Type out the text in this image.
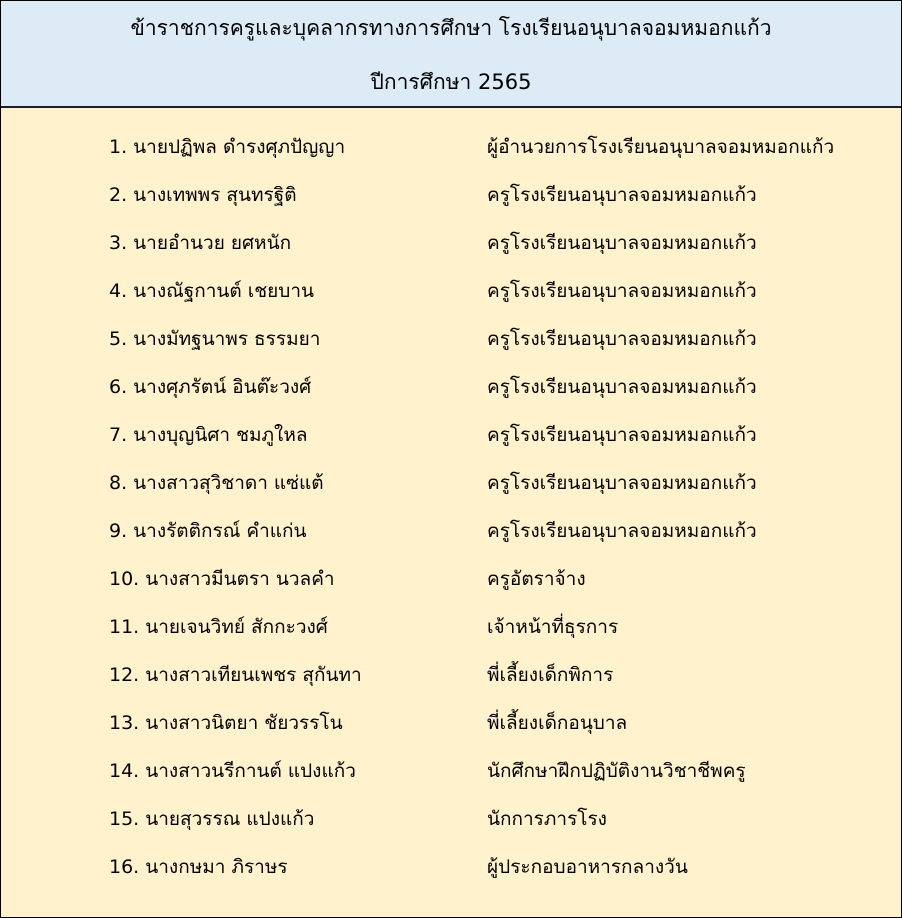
ข้าราชการครูและบุคลากรทางการศึกษา โรงเรียนอนุบาลจอมหมอกแก้ว
ปีการศึกษา 2565
1. นายปฏิพล ดำรงศุภปัญญา	ผู้อำนวยการโรงเรียนอนุบาลจอมหมอกแก้ว
2. นางเทพพร สุนทรฐิติ	ครูโรงเรียนอนุบาลจอมหมอกแก้ว
3. นายอำนวย ยศหนัก	ครูโรงเรียนอนุบาลจอมหมอกแก้ว
4. นางณัฐกานต์ เชยบาน	ครูโรงเรียนอนุบาลจอมหมอกแก้ว
5. นางมัทฐนาพร ธรรมยา	ครูโรงเรียนอนุบาลจอมหมอกแก้ว
6. นางศุภรัตน์ อินต๊ะวงศ์	ครูโรงเรียนอนุบาลจอมหมอกแก้ว
7. นางบุญนิศา ชมภูใหล	ครูโรงเรียนอนุบาลจอมหมอกแก้ว
8. นางสาวสุวิชาดา แซ่แต้	ครูโรงเรียนอนุบาลจอมหมอกแก้ว
9. นางรัตติกรณ์ คำแก่น	ครูโรงเรียนอนุบาลจอมหมอกแก้ว
10. นางสาวมีนตรา นวลคำ	ครูอัตราจ้าง
11. นายเจนวิทย์ สักกะวงศ์	เจ้าหน้าที่ธุรการ
12. นางสาวเทียนเพชร สุกันทา	พี่เลี้ยงเด็กพิการ
13. นางสาวนิตยา ชัยวรรโน	พี่เลี้ยงเด็กอนุบาล
14. นางสาวนรีกานต์ แปงแก้ว	นักศึกษาฝึกปฏิบัติงานวิชาชีพครู
15. นายสุวรรณ แปงแก้ว	นักการภารโรง
16. นางกษมา ภิราษร	ผู้ประกอบอาหารกลางวัน
